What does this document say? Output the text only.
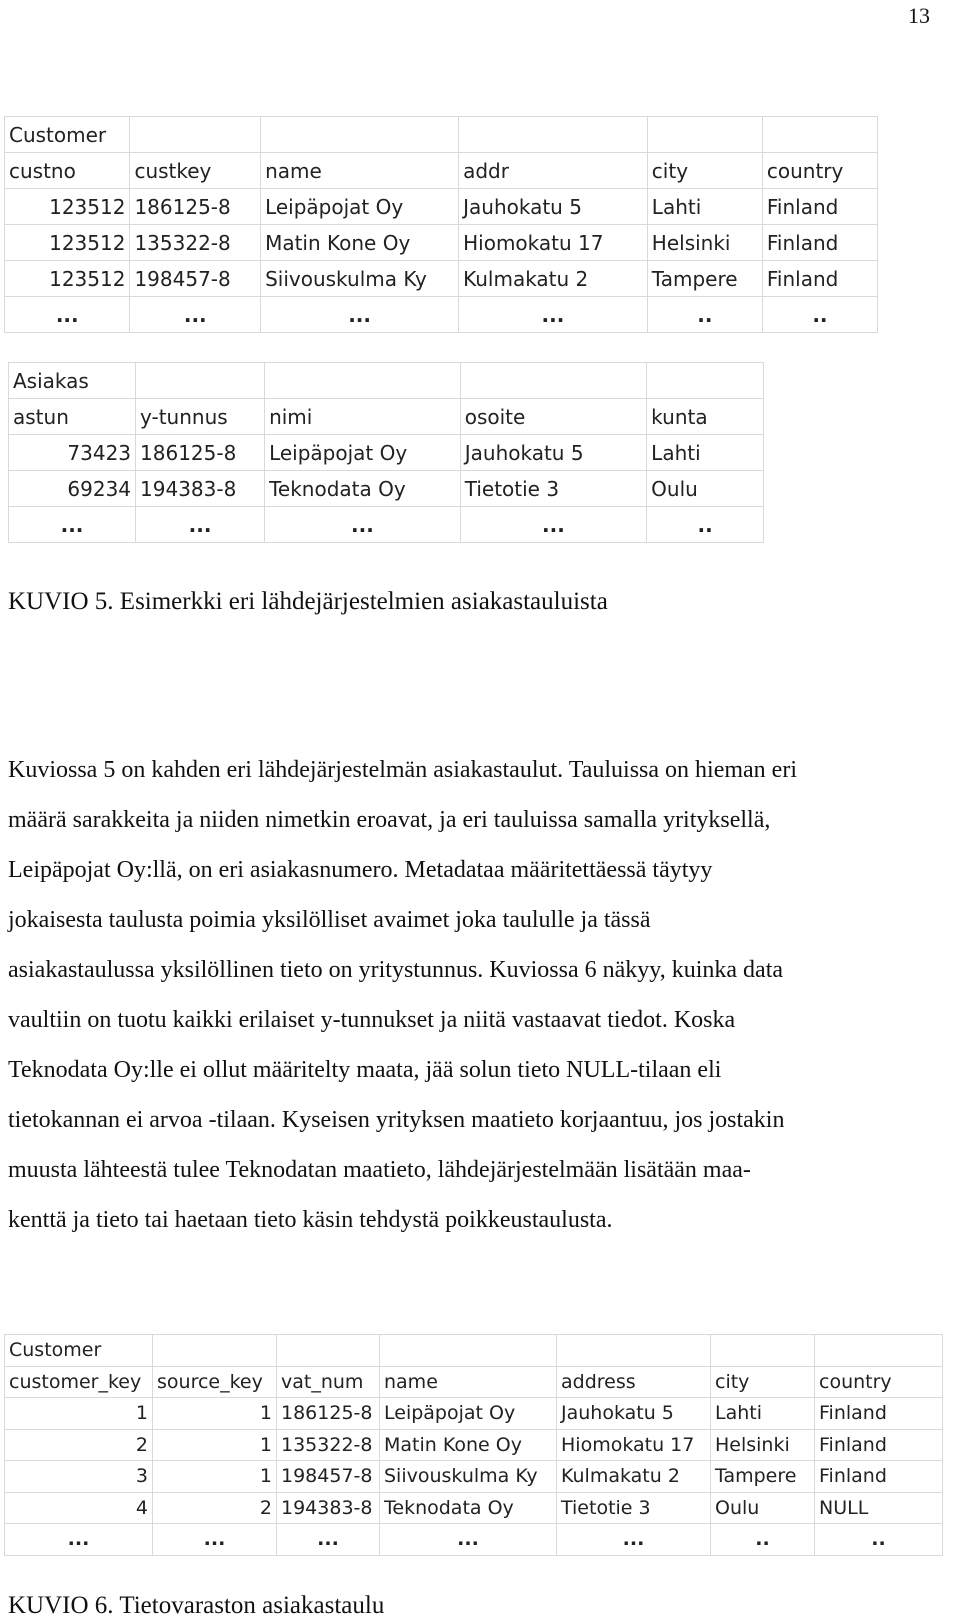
13
Customer					
custno	custkey	name	addr	city	country
123512	186125-8	Leipäpojat Oy	Jauhokatu 5	Lahti	Finland
123512	135322-8	Matin Kone Oy	Hiomokatu 17	Helsinki	Finland
123512	198457-8	Siivouskulma Ky	Kulmakatu 2	Tampere	Finland
...	...	...	...	..	..
Asiakas				
astun	y-tunnus	nimi	osoite	kunta
73423	186125-8	Leipäpojat Oy	Jauhokatu 5	Lahti
69234	194383-8	Teknodata Oy	Tietotie 3	Oulu
...	...	...	...	..
KUVIO 5. Esimerkki eri lähdejärjestelmien asiakastauluista

Kuviossa 5 on kahden eri lähdejärjestelmän asiakastaulut. Tauluissa on hieman eri
määrä sarakkeita ja niiden nimetkin eroavat, ja eri tauluissa samalla yrityksellä,
Leipäpojat Oy:llä, on eri asiakasnumero. Metadataa määritettäessä täytyy
jokaisesta taulusta poimia yksilölliset avaimet joka taululle ja tässä
asiakastaulussa yksilöllinen tieto on yritystunnus. Kuviossa 6 näkyy, kuinka data
vaultiin on tuotu kaikki erilaiset y-tunnukset ja niitä vastaavat tiedot. Koska
Teknodata Oy:lle ei ollut määritelty maata, jää solun tieto NULL-tilaan eli
tietokannan ei arvoa -tilaan. Kyseisen yrityksen maatieto korjaantuu, jos jostakin
muusta lähteestä tulee Teknodatan maatieto, lähdejärjestelmään lisätään maa-
kenttä ja tieto tai haetaan tieto käsin tehdystä poikkeustaulusta.

Customer						
customer_key	source_key	vat_num	name	address	city	country
1	1	186125-8	Leipäpojat Oy	Jauhokatu 5	Lahti	Finland
2	1	135322-8	Matin Kone Oy	Hiomokatu 17	Helsinki	Finland
3	1	198457-8	Siivouskulma Ky	Kulmakatu 2	Tampere	Finland
4	2	194383-8	Teknodata Oy	Tietotie 3	Oulu	NULL
...	...	...	...	...	..	..
KUVIO 6. Tietovaraston asiakastaulu
